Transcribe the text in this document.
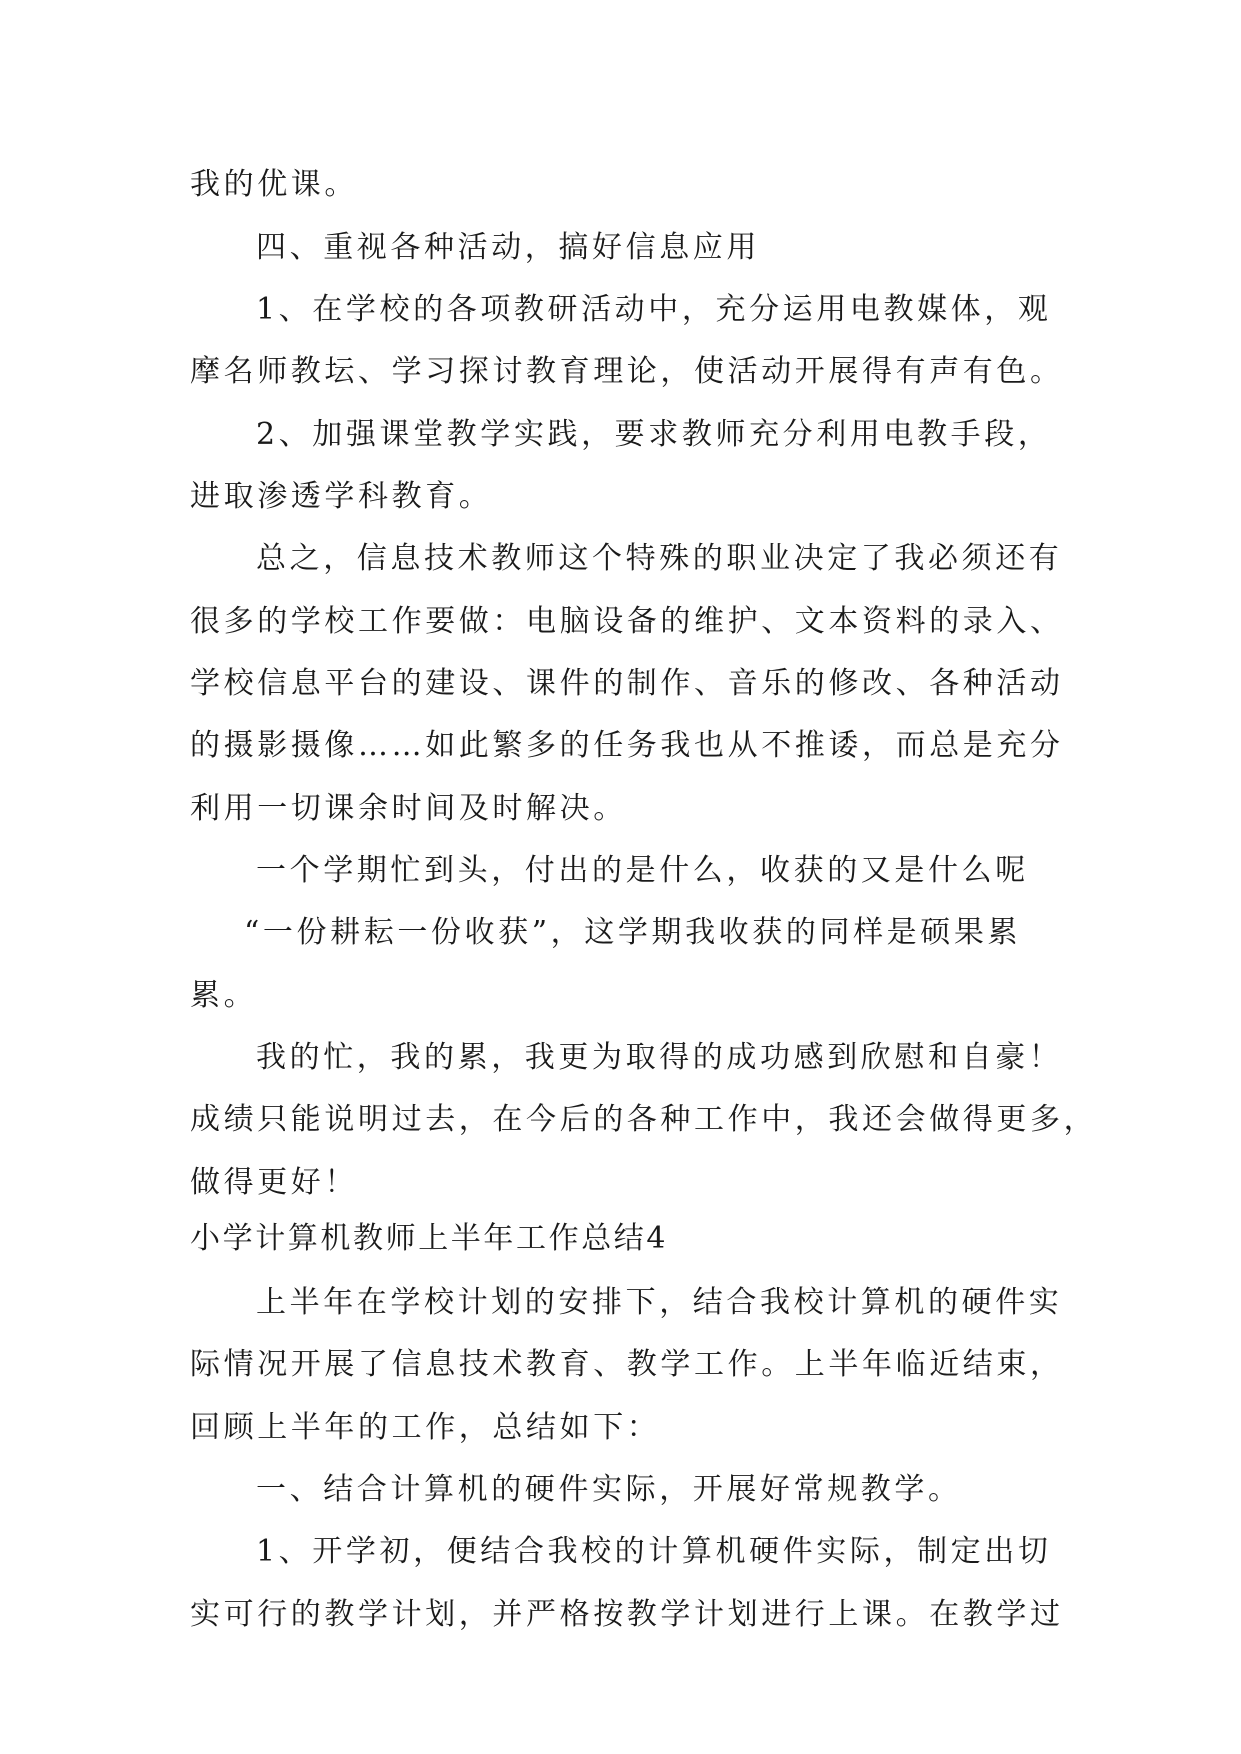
我的优课。
四、重视各种活动，搞好信息应用
1、在学校的各项教研活动中，充分运用电教媒体，观
摩名师教坛、学习探讨教育理论，使活动开展得有声有色。
2、加强课堂教学实践，要求教师充分利用电教手段，
进取渗透学科教育。
总之，信息技术教师这个特殊的职业决定了我必须还有
很多的学校工作要做：电脑设备的维护、文本资料的录入、
学校信息平台的建设、课件的制作、音乐的修改、各种活动
的摄影摄像……如此繁多的任务我也从不推诿，而总是充分
利用一切课余时间及时解决。
一个学期忙到头，付出的是什么，收获的又是什么呢
“一份耕耘一份收获”，这学期我收获的同样是硕果累
累。
我的忙，我的累，我更为取得的成功感到欣慰和自豪！
成绩只能说明过去，在今后的各种工作中，我还会做得更多，
做得更好！
小学计算机教师上半年工作总结4
上半年在学校计划的安排下，结合我校计算机的硬件实
际情况开展了信息技术教育、教学工作。上半年临近结束，
回顾上半年的工作，总结如下：
一、结合计算机的硬件实际，开展好常规教学。
1、开学初，便结合我校的计算机硬件实际，制定出切
实可行的教学计划，并严格按教学计划进行上课。在教学过
